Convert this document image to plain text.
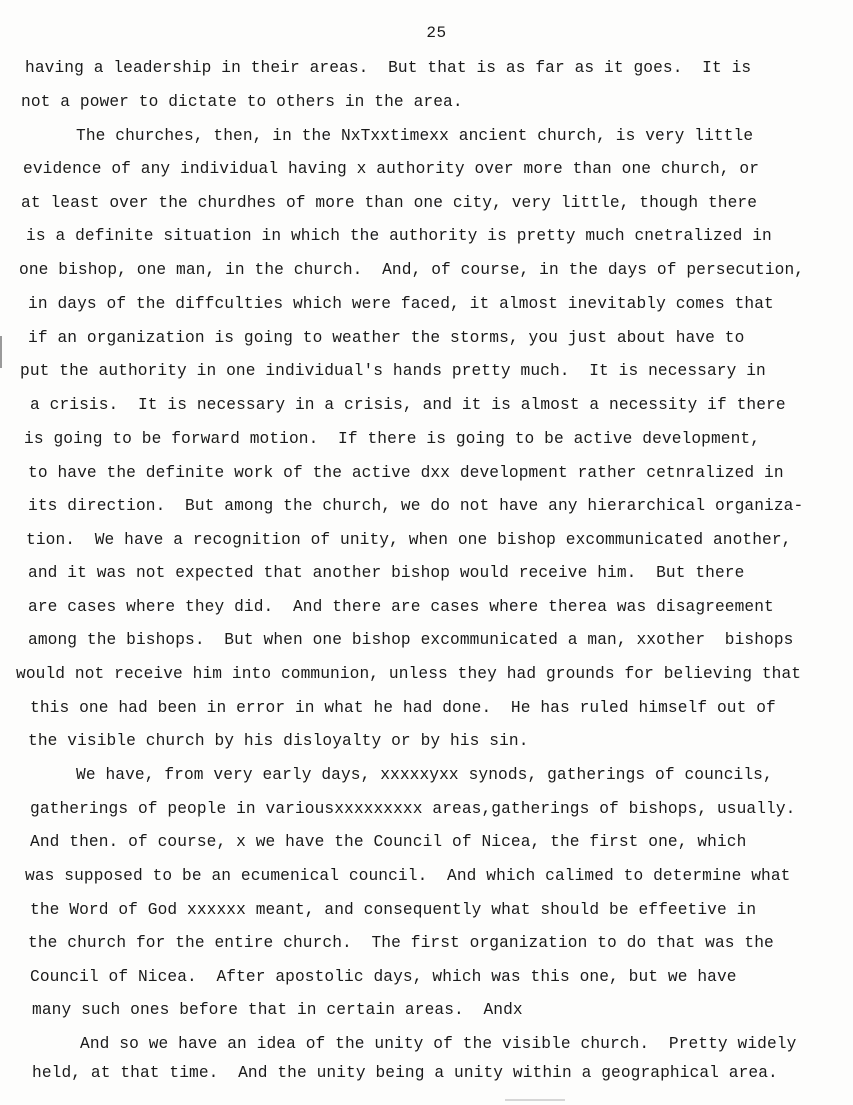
25
having a leadership in their areas.  But that is as far as it goes.  It is
not a power to dictate to others in the area.
The churches, then, in the NxTxxtimexx ancient church, is very little
evidence of any individual having x authority over more than one church, or
at least over the churdhes of more than one city, very little, though there
is a definite situation in which the authority is pretty much cnetralized in
one bishop, one man, in the church.  And, of course, in the days of persecution,
in days of the diffculties which were faced, it almost inevitably comes that
if an organization is going to weather the storms, you just about have to
put the authority in one individual's hands pretty much.  It is necessary in
a crisis.  It is necessary in a crisis, and it is almost a necessity if there
is going to be forward motion.  If there is going to be active development,
to have the definite work of the active dxx development rather cetnralized in
its direction.  But among the church, we do not have any hierarchical organiza-
tion.  We have a recognition of unity, when one bishop excommunicated another,
and it was not expected that another bishop would receive him.  But there
are cases where they did.  And there are cases where therea was disagreement
among the bishops.  But when one bishop excommunicated a man, xxother  bishops
would not receive him into communion, unless they had grounds for believing that
this one had been in error in what he had done.  He has ruled himself out of
the visible church by his disloyalty or by his sin.
We have, from very early days, xxxxxyxx synods, gatherings of councils,
gatherings of people in variousxxxxxxxxx areas,gatherings of bishops, usually.
And then. of course, x we have the Council of Nicea, the first one, which
was supposed to be an ecumenical council.  And which calimed to determine what
the Word of God xxxxxx meant, and consequently what should be effeetive in
the church for the entire church.  The first organization to do that was the
Council of Nicea.  After apostolic days, which was this one, but we have
many such ones before that in certain areas.  Andx
And so we have an idea of the unity of the visible church.  Pretty widely
held, at that time.  And the unity being a unity within a geographical area.
